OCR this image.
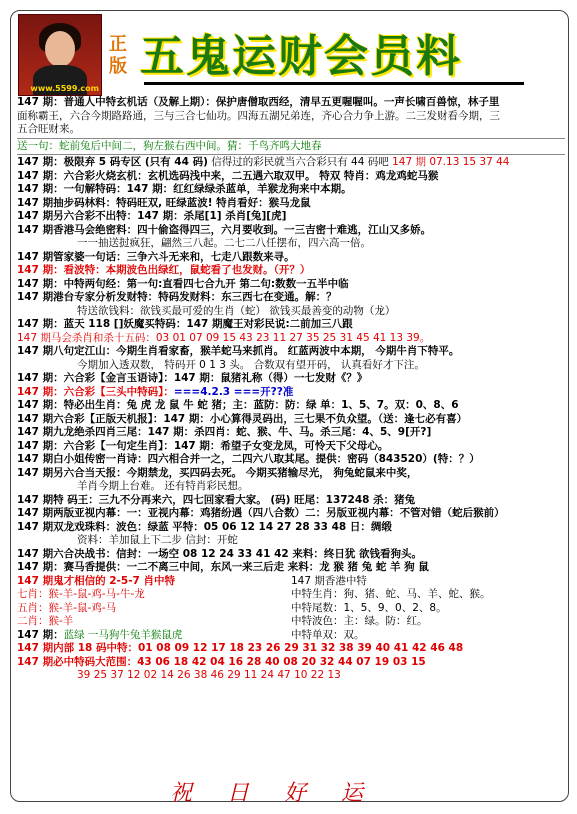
www.5599.com
正版 五鬼运财会员料
147 期：普通人中特玄机话（及解上期）：保护唐僧取西经，清早五更喔喔叫。一声长啸百兽惊，林子里
面称霸王，六合今期路路通，三与三合七仙功。四海五湖兄弟连，齐心合力争上游。二三发财看今期，三
五合旺财来。
送一句：蛇前兔后中间二，狗左猴右西中间。猜：千鸟齐鸣大地春
147 期：极限弃 5 码专区 (只有 44 码) 信得过的彩民就当六合彩只有 44 码吧 147 期 07.13 15 37 44
147 期：六合彩火烧玄机：玄机选码浅中来，二五遇六取双甲。 特双 特肖：鸡龙鸡蛇马猴
147 期：一句解特码：147 期：红红绿绿杀蓝单，羊猴龙狗来中本期。
147 期抽步码林料：特码旺双, 旺绿蓝波! 特肖看好：猴马龙鼠
147 期另六合彩不出特：147 期：杀尾[1] 杀肖[兔][虎]
147 期香港马会绝密料：四十偷盗得四三，六月要收到。一三吉密十难逃，江山又多娇。
一一抽送挝疯狂，翩然三八起。二七二八任摆布，四六高一倍。
147 期管家婆一句话：三争六斗无来和，七走八跟数来寻。
147 期：看波特：本期波色出绿红，鼠蛇看了也发财。（开？）
147 期：中特两句经：第一句:直看四七合九开 第二句:数数一五半中临
147 期港台专家分析发财特：特码发财料：东三西七在变通。解：？
特送欲钱料：欲钱买最可爱的生肖（蛇） 欲钱买最善变的动物（龙）
147 期：蓝天 118 []妖魔买特码：147 期魔王对彩民说:二前加三八跟
147 期马会杀肖和杀十五码：03 01 07 09 15 43 23 11 27 35 25 31 45 41 13 39。
147 期八句定江山：今期生肖看家畜，猴羊蛇马来抓肖。 红蓝两波中本期， 今期牛肖下特平。
今期加入透双数， 特码开 0 1 3 头。 合数双有望开码， 认真看好才下注。
147 期：六合彩【金言玉语诗】：147 期：鼠猪礼称（得）一七发财《？》
147 期：六合彩【三头中特码】：===4.2.3 ===开??准
147 期：特必出生肖：兔 虎 龙 鼠 牛 蛇 猪；主：蓝防：防：绿 单：1、5、7。双：0、8、6
147 期六合彩【正版天机报】：147 期：小心算得灵码出，三七果不负众望。（送：逢七必有喜）
147 期九龙绝杀四肖三尾：147 期：杀四肖：蛇、猴、牛、马。杀三尾：4、5、9[开?]
147 期：六合彩【一句定生肖】：147 期：希望子女变龙凤，可怜天下父母心。
147 期白小姐传密一肖诗：四六相合并一之，二四六八取其尾。提供：密码（843520）(特：？）
147 期另六合当天报：今期禁龙，买四码去死。 今期买猪输尽光， 狗兔蛇鼠来中奖，
羊肖今期上台难。 还有特肖彩民想。
147 期特 码王：三九不分再来六，四七回家看大家。 (码) 旺尾：137248 杀：猪兔
147 期两版亚视内幕：一：亚视内幕：鸡猪纷遇（四八合数）二：另版亚视内幕：不管对错（蛇后猴前）
147 期双龙戏珠料：波色：绿蓝 平特：05 06 12 14 27 28 33 48 日：绸缎
资料：羊加鼠上下二步 信封：开蛇
147 期六合决战书：信封：一场空 08 12 24 33 41 42 来料：终日犹 欲钱看狗头。
147 期：赛马香提供：一二不离三中间，东风一来三后走 来料：龙 猴 猪 兔 蛇 羊 狗 鼠
147 期鬼才相信的 2-5-7 肖中特
七肖：猴-羊-鼠-鸡-马-牛-龙
五肖：猴-羊-鼠-鸡-马
二肖：猴-羊
147 期：蓝绿 一马狗牛兔羊猴鼠虎
147 期香港中特
中特生肖：狗、猪、蛇、马、羊、蛇、猴。
中特尾数：1、5、9、0、2、8。
中特波色：主：绿。防：红。
中特单双：双。
147 期内部 18 码中特：01 08 09 12 17 18 23 26 29 31 32 38 39 40 41 42 46 48
147 期必中特码大范围：43 06 18 42 04 16 28 40 08 20 32 44 07 19 03 15
39 25 37 12 02 14 26 38 46 29 11 24 47 10 22 13
祝 日 好 运
